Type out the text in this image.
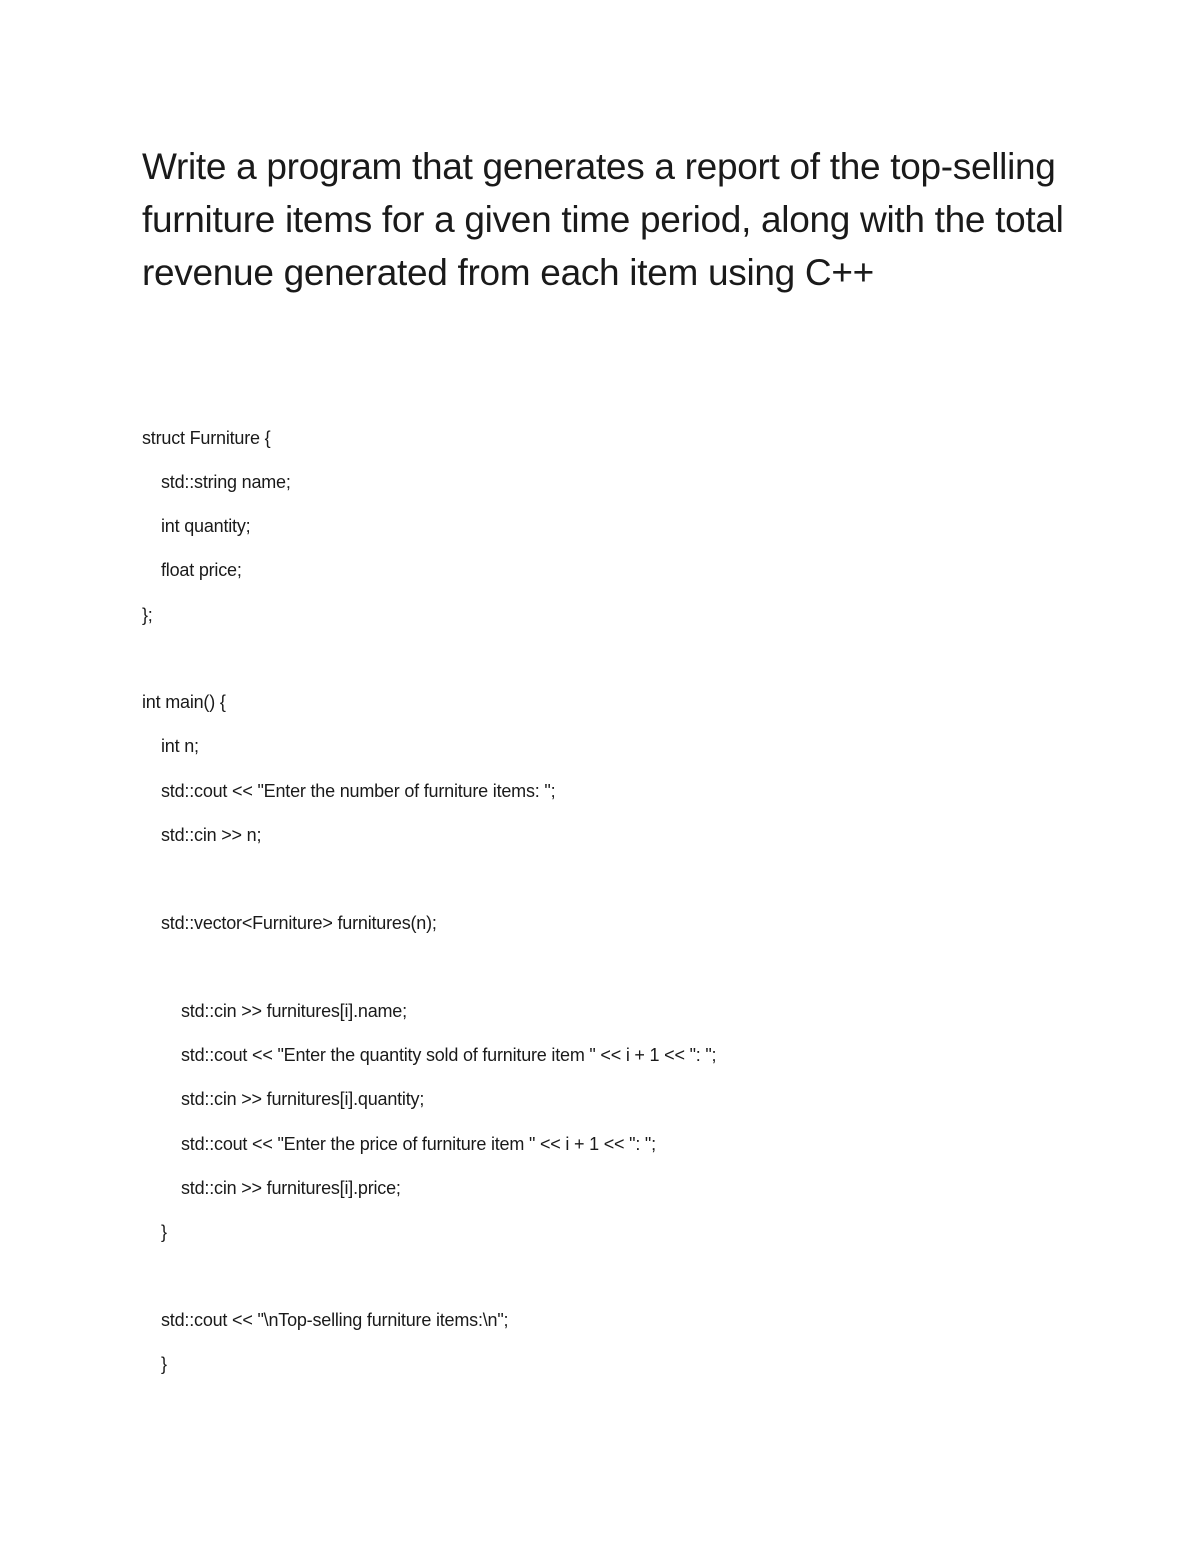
Write a program that generates a report of the top-selling furniture items for a given time period, along with the total revenue generated from each item using C++
struct Furniture {
std::string name;
int quantity;
float price;
};
int main() {
int n;
std::cout << "Enter the number of furniture items: ";
std::cin >> n;
std::vector<Furniture> furnitures(n);
std::cin >> furnitures[i].name;
std::cout << "Enter the quantity sold of furniture item " << i + 1 << ": ";
std::cin >> furnitures[i].quantity;
std::cout << "Enter the price of furniture item " << i + 1 << ": ";
std::cin >> furnitures[i].price;
}
std::cout << "\nTop-selling furniture items:\n";
}
